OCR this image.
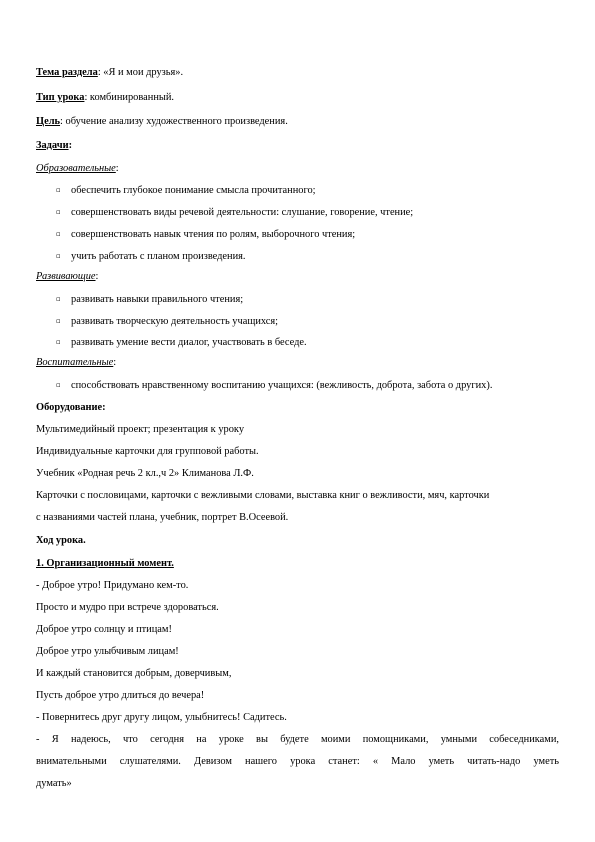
Тема раздела: «Я и мои друзья».
Тип урока: комбинированный.
Цель: обучение анализу художественного произведения.
Задачи:
Образовательные:
▫ обеспечить глубокое понимание смысла прочитанного;
▫ совершенствовать виды речевой деятельности: слушание, говорение, чтение;
▫ совершенствовать навык чтения по ролям, выборочного чтения;
▫ учить работать с планом произведения.
Развивающие:
▫ развивать навыки правильного чтения;
▫ развивать творческую деятельность учащихся;
▫ развивать умение вести диалог, участвовать в беседе.
Воспитательные:
▫ способствовать нравственному воспитанию учащихся: (вежливость, доброта, забота о других).
Оборудование:
Мультимедийный проект; презентация к уроку
Индивидуальные карточки для групповой работы.
Учебник «Родная речь 2 кл.,ч 2» Климанова Л.Ф.
Карточки с пословицами, карточки с вежливыми словами, выставка книг о вежливости, мяч, карточки
с названиями частей плана, учебник, портрет В.Осеевой.
Ход урока.
1. Организационный момент.
- Доброе утро! Придумано кем-то.
Просто и мудро при встрече здороваться.
Доброе утро солнцу и птицам!
Доброе утро улыбчивым лицам!
И каждый становится добрым, доверчивым,
Пусть доброе утро длиться до вечера!
- Повернитесь друг другу лицом, улыбнитесь! Садитесь.
- Я надеюсь, что сегодня на уроке вы будете моими помощниками, умными собеседниками,
внимательными слушателями. Девизом нашего урока станет: « Мало уметь читать-надо уметь
думать»
